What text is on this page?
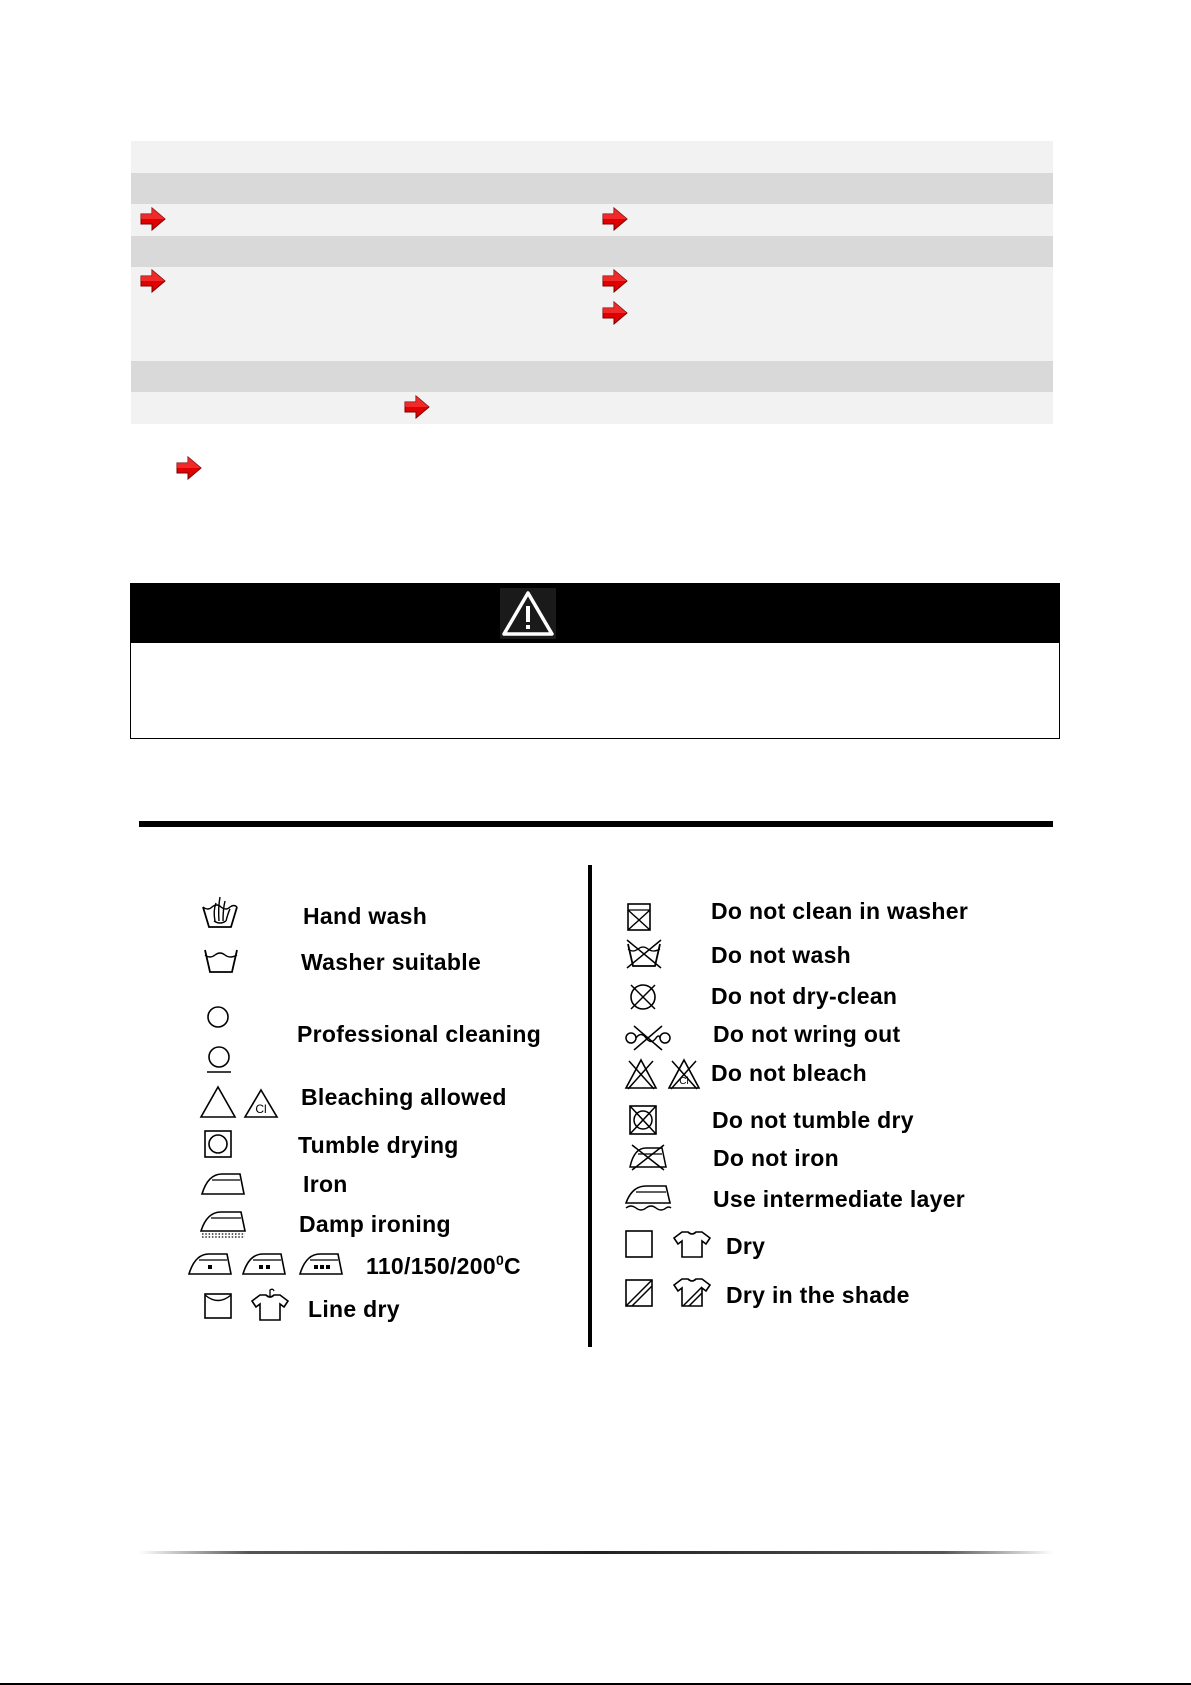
Hand wash
Washer suitable
Professional cleaning
Cl Bleaching allowed
Tumble drying
Iron
Damp ironing
$110/150/200^0C$
Line dry
Do not clean in washer
Do not wash
Do not dry-clean
Do not wring out
Cl Do not bleach
Do not tumble dry
Do not iron
Use intermediate layer
Dry
Dry in the shade
